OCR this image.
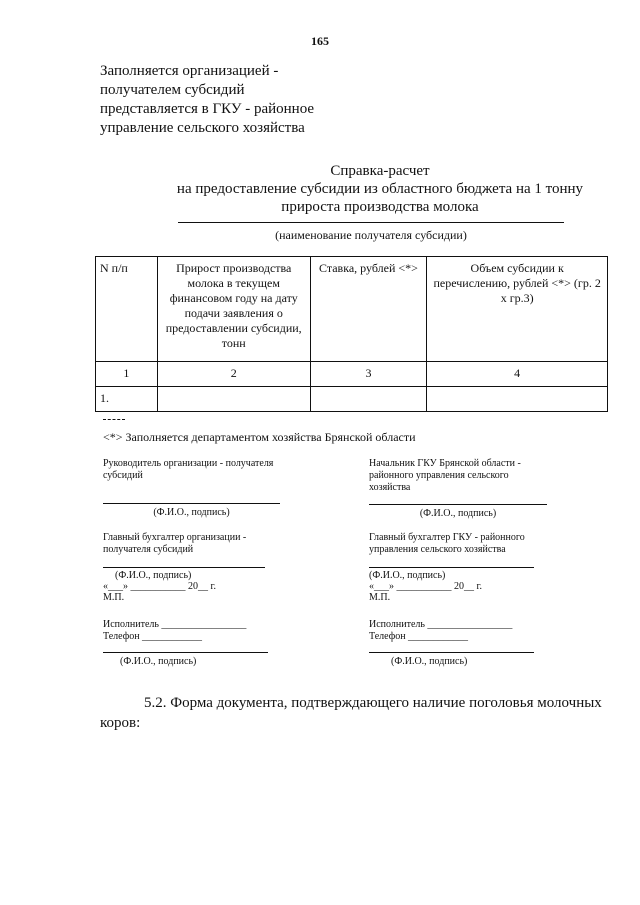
165
Заполняется организацией -
получателем субсидий
представляется в ГКУ - районное
управление сельского хозяйства
Справка-расчет
на предоставление субсидии из областного бюджета на 1 тонну
прироста производства молока
(наименование получателя субсидии)
N п/п	Прирост производства молока в текущем финансовом году на дату подачи заявления о предоставлении субсидии, тонн	Ставка, рублей <*>	Объем субсидии к перечислению, рублей <*> (гр. 2 х гр.3)
1	2	3	4
1.			
<*> Заполняется департаментом хозяйства Брянской области
Руководитель организации - получателя
субсидий
(Ф.И.О., подпись)
Главный бухгалтер организации -
получателя субсидий
(Ф.И.О., подпись)
«___» ___________ 20__ г.
М.П.
Исполнитель _________________
Телефон ____________
(Ф.И.О., подпись)
Начальник ГКУ Брянской области -
районного управления сельского
хозяйства
(Ф.И.О., подпись)
Главный бухгалтер ГКУ - районного
управления сельского хозяйства
(Ф.И.О., подпись)
«___» ___________ 20__ г.
М.П.
Исполнитель _________________
Телефон ____________
(Ф.И.О., подпись)
5.2. Форма документа, подтверждающего наличие поголовья молочных коров:
